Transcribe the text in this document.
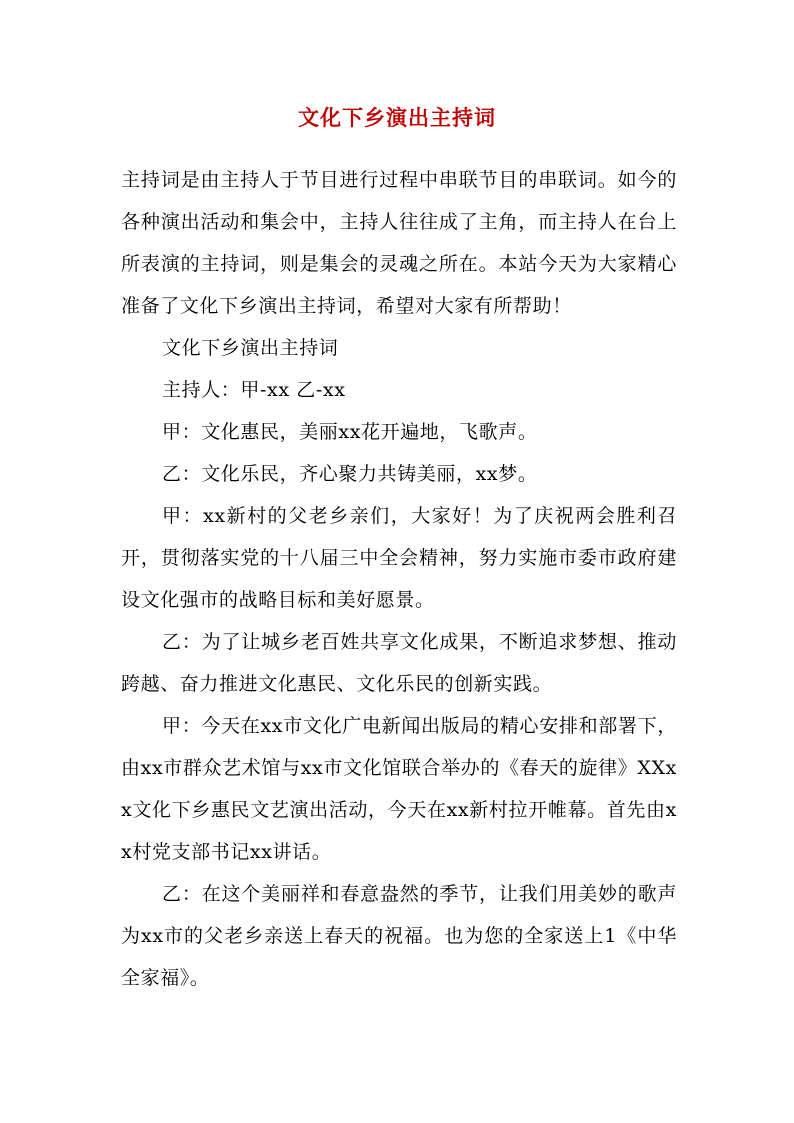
文化下乡演出主持词

主持词是由主持人于节目进行过程中串联节目的串联词。如今的各种演出活动和集会中，主持人往往成了主角，而主持人在台上所表演的主持词，则是集会的灵魂之所在。本站今天为大家精心准备了文化下乡演出主持词，希望对大家有所帮助！

文化下乡演出主持词

主持人：甲-xx 乙-xx

甲：文化惠民，美丽xx花开遍地，飞歌声。

乙：文化乐民，齐心聚力共铸美丽，xx梦。

甲：xx新村的父老乡亲们，大家好！为了庆祝两会胜利召开，贯彻落实党的十八届三中全会精神，努力实施市委市政府建设文化强市的战略目标和美好愿景。

乙：为了让城乡老百姓共享文化成果，不断追求梦想、推动跨越、奋力推进文化惠民、文化乐民的创新实践。

甲：今天在xx市文化广电新闻出版局的精心安排和部署下，由xx市群众艺术馆与xx市文化馆联合举办的《春天的旋律》XXxx文化下乡惠民文艺演出活动，今天在xx新村拉开帷幕。首先由xx村党支部书记xx讲话。

乙：在这个美丽祥和春意盎然的季节，让我们用美妙的歌声为xx市的父老乡亲送上春天的祝福。也为您的全家送上1《中华全家福》。
